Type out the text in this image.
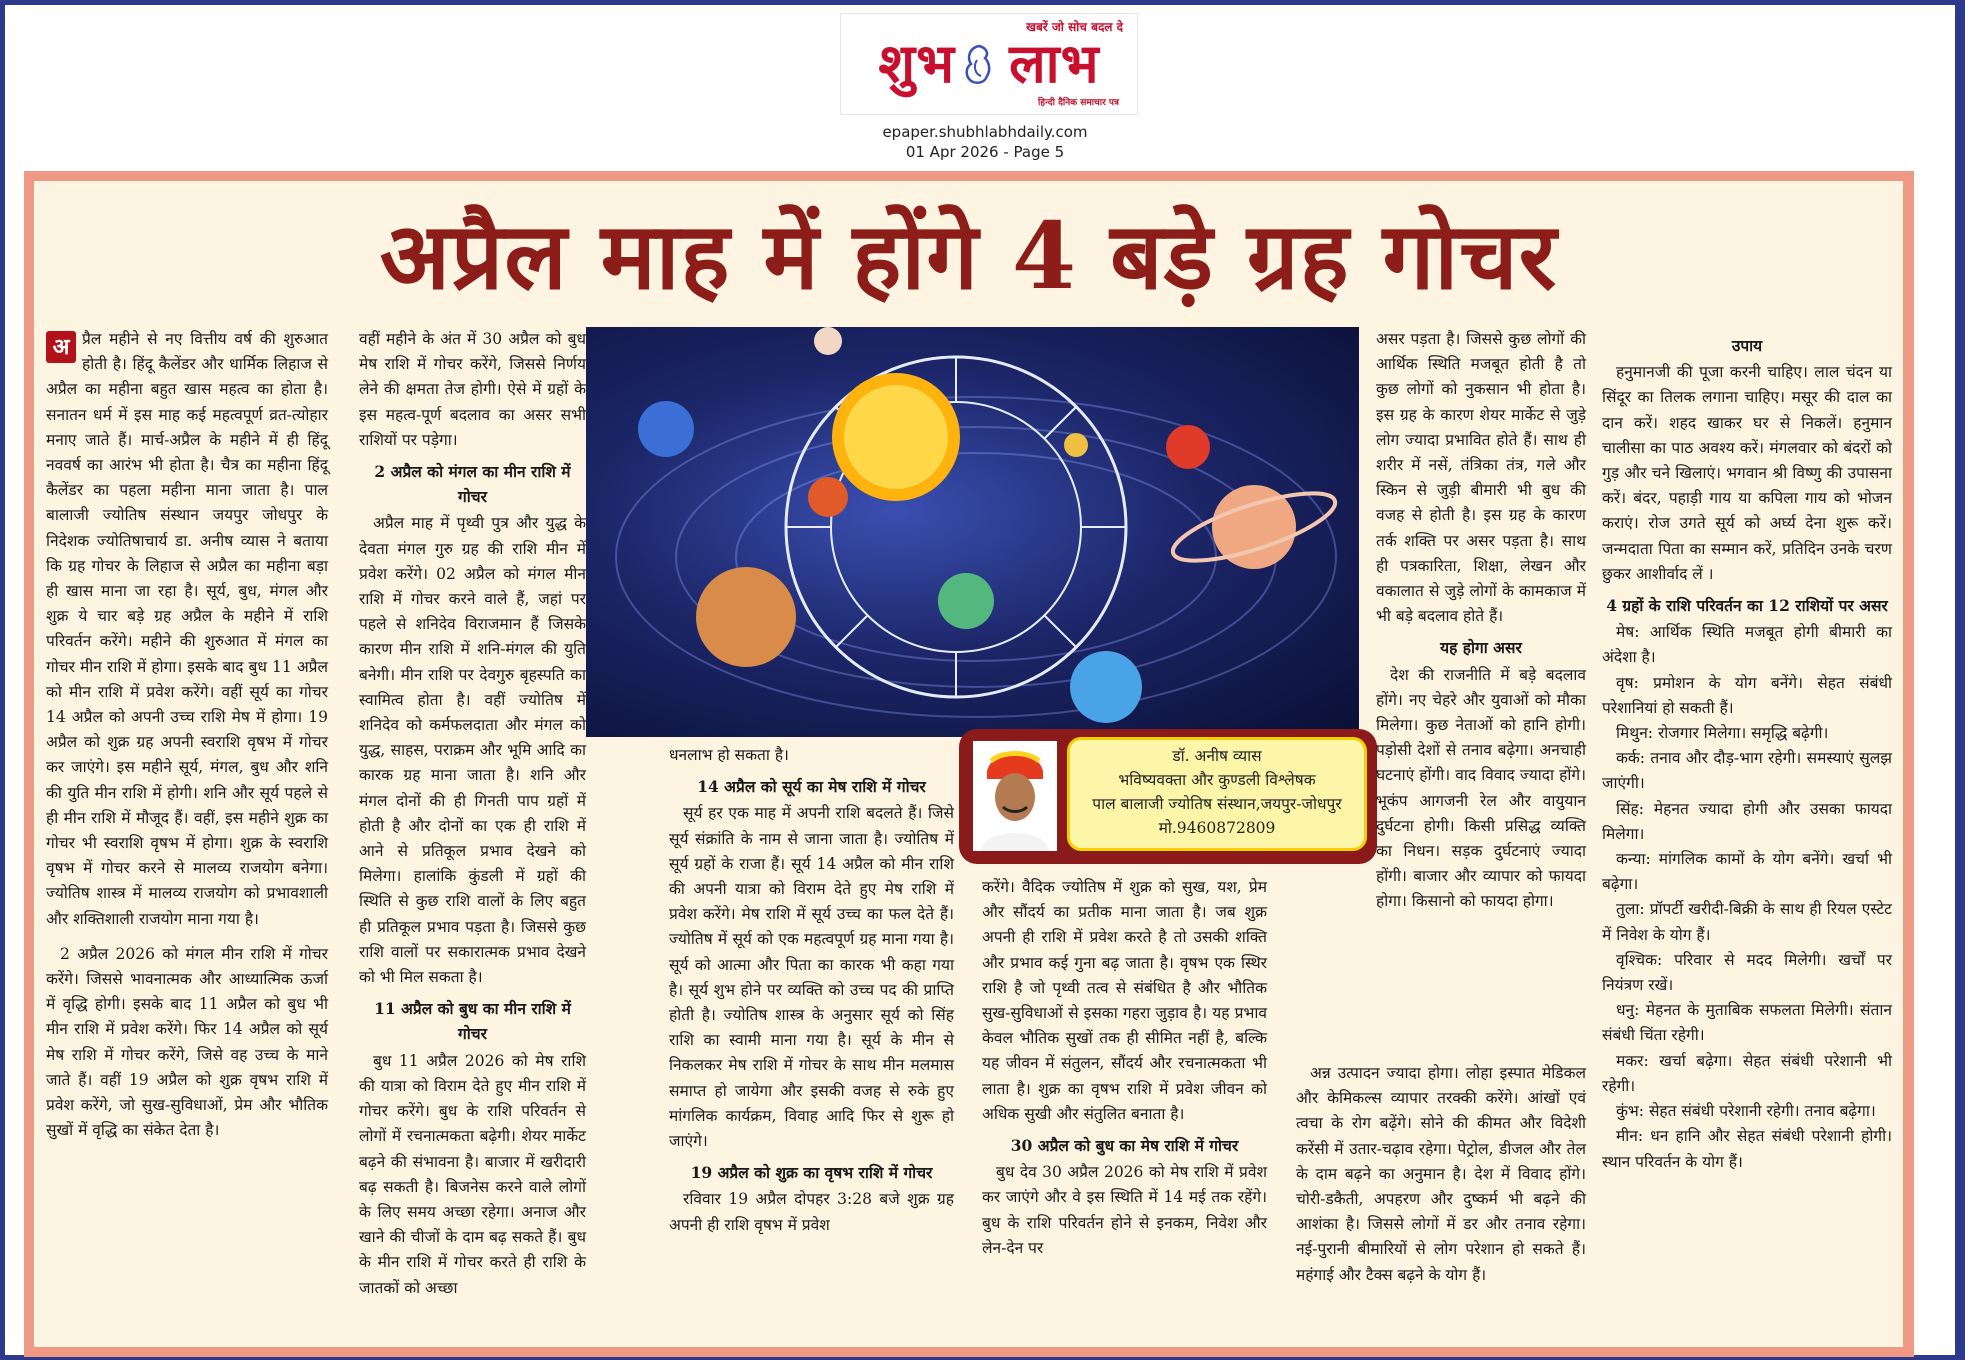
खबरें जो सोच बदल दे
शुभ लाभ
हिन्दी दैनिक समाचार पत्र
epaper.shubhlabhdaily.com
01 Apr 2026 - Page 5
अप्रैल माह में होंगे 4 बड़े ग्रह गोचर
अ प्रैल महीने से नए वित्तीय वर्ष की शुरुआत होती है। हिंदू कैलेंडर और धार्मिक लिहाज से अप्रैल का महीना बहुत खास महत्व का होता है। सनातन धर्म में इस माह कई महत्वपूर्ण व्रत-त्योहार मनाए जाते हैं। मार्च-अप्रैल के महीने में ही हिंदू नववर्ष का आरंभ भी होता है। चैत्र का महीना हिंदू कैलेंडर का पहला महीना माना जाता है। पाल बालाजी ज्योतिष संस्थान जयपुर जोधपुर के निदेशक ज्योतिषाचार्य डा. अनीष व्यास ने बताया कि ग्रह गोचर के लिहाज से अप्रैल का महीना बड़ा ही खास माना जा रहा है। सूर्य, बुध, मंगल और शुक्र ये चार बड़े ग्रह अप्रैल के महीने में राशि परिवर्तन करेंगे। महीने की शुरुआत में मंगल का गोचर मीन राशि में होगा। इसके बाद बुध 11 अप्रैल को मीन राशि में प्रवेश करेंगे। वहीं सूर्य का गोचर 14 अप्रैल को अपनी उच्च राशि मेष में होगा। 19 अप्रैल को शुक्र ग्रह अपनी स्वराशि वृषभ में गोचर कर जाएंगे। इस महीने सूर्य, मंगल, बुध और शनि की युति मीन राशि में होगी। शनि और सूर्य पहले से ही मीन राशि में मौजूद हैं। वहीं, इस महीने शुक्र का गोचर भी स्वराशि वृषभ में होगा। शुक्र के स्वराशि वृषभ में गोचर करने से मालव्य राजयोग बनेगा। ज्योतिष शास्त्र में मालव्य राजयोग को प्रभावशाली और शक्तिशाली राजयोग माना गया है।

2 अप्रैल 2026 को मंगल मीन राशि में गोचर करेंगे। जिससे भावनात्मक और आध्यात्मिक ऊर्जा में वृद्धि होगी। इसके बाद 11 अप्रैल को बुध भी मीन राशि में प्रवेश करेंगे। फिर 14 अप्रैल को सूर्य मेष राशि में गोचर करेंगे, जिसे वह उच्च के माने जाते हैं। वहीं 19 अप्रैल को शुक्र वृषभ राशि में प्रवेश करेंगे, जो सुख-सुविधाओं, प्रेम और भौतिक सुखों में वृद्धि का संकेत देता है।

वहीं महीने के अंत में 30 अप्रैल को बुध मेष राशि में गोचर करेंगे, जिससे निर्णय लेने की क्षमता तेज होगी। ऐसे में ग्रहों के इस महत्व-पूर्ण बदलाव का असर सभी राशियों पर पड़ेगा।

2 अप्रैल को मंगल का मीन राशि में गोचर

अप्रैल माह में पृथ्वी पुत्र और युद्ध के देवता मंगल गुरु ग्रह की राशि मीन में प्रवेश करेंगे। 02 अप्रैल को मंगल मीन राशि में गोचर करने वाले हैं, जहां पर पहले से शनिदेव विराजमान हैं जिसके कारण मीन राशि में शनि-मंगल की युति बनेगी। मीन राशि पर देवगुरु बृहस्पति का स्वामित्व होता है। वहीं ज्योतिष में शनिदेव को कर्मफलदाता और मंगल को युद्ध, साहस, पराक्रम और भूमि आदि का कारक ग्रह माना जाता है। शनि और मंगल दोनों की ही गिनती पाप ग्रहों में होती है और दोनों का एक ही राशि में आने से प्रतिकूल प्रभाव देखने को मिलेगा। हालांकि कुंडली में ग्रहों की स्थिति से कुछ राशि वालों के लिए बहुत ही प्रतिकूल प्रभाव पड़ता है। जिससे कुछ राशि वालों पर सकारात्मक प्रभाव देखने को भी मिल सकता है।

11 अप्रैल को बुध का मीन राशि में गोचर

बुध 11 अप्रैल 2026 को मेष राशि की यात्रा को विराम देते हुए मीन राशि में गोचर करेंगे। बुध के राशि परिवर्तन से लोगों में रचनात्मकता बढ़ेगी। शेयर मार्केट बढ़ने की संभावना है। बाजार में खरीदारी बढ़ सकती है। बिजनेस करने वाले लोगों के लिए समय अच्छा रहेगा। अनाज और खाने की चीजों के दाम बढ़ सकते हैं। बुध के मीन राशि में गोचर करते ही राशि के जातकों को अच्छा

धनलाभ हो सकता है।

14 अप्रैल को सूर्य का मेष राशि में गोचर

सूर्य हर एक माह में अपनी राशि बदलते हैं। जिसे सूर्य संक्रांति के नाम से जाना जाता है। ज्योतिष में सूर्य ग्रहों के राजा हैं। सूर्य 14 अप्रैल को मीन राशि की अपनी यात्रा को विराम देते हुए मेष राशि में प्रवेश करेंगे। मेष राशि में सूर्य उच्च का फल देते हैं। ज्योतिष में सूर्य को एक महत्वपूर्ण ग्रह माना गया है। सूर्य को आत्मा और पिता का कारक भी कहा गया है। सूर्य शुभ होने पर व्यक्ति को उच्च पद की प्राप्ति होती है। ज्योतिष शास्त्र के अनुसार सूर्य को सिंह राशि का स्वामी माना गया है। सूर्य के मीन से निकलकर मेष राशि में गोचर के साथ मीन मलमास समाप्त हो जायेगा और इसकी वजह से रुके हुए मांगलिक कार्यक्रम, विवाह आदि फिर से शुरू हो जाएंगे।

19 अप्रैल को शुक्र का वृषभ राशि में गोचर

रविवार 19 अप्रैल दोपहर 3:28 बजे शुक्र ग्रह अपनी ही राशि वृषभ में प्रवेश

डॉ. अनीष व्यास
भविष्यवक्ता और कुण्डली विश्लेषक
पाल बालाजी ज्योतिष संस्थान,जयपुर-जोधपुर
मो.9460872809

करेंगे। वैदिक ज्योतिष में शुक्र को सुख, यश, प्रेम और सौंदर्य का प्रतीक माना जाता है। जब शुक्र अपनी ही राशि में प्रवेश करते है तो उसकी शक्ति और प्रभाव कई गुना बढ़ जाता है। वृषभ एक स्थिर राशि है जो पृथ्वी तत्व से संबंधित है और भौतिक सुख-सुविधाओं से इसका गहरा जुड़ाव है। यह प्रभाव केवल भौतिक सुखों तक ही सीमित नहीं है, बल्कि यह जीवन में संतुलन, सौंदर्य और रचनात्मकता भी लाता है। शुक्र का वृषभ राशि में प्रवेश जीवन को अधिक सुखी और संतुलित बनाता है।

30 अप्रैल को बुध का मेष राशि में गोचर

बुध देव 30 अप्रैल 2026 को मेष राशि में प्रवेश कर जाएंगे और वे इस स्थिति में 14 मई तक रहेंगे। बुध के राशि परिवर्तन होने से इनकम, निवेश और लेन-देन पर

असर पड़ता है। जिससे कुछ लोगों की आर्थिक स्थिति मजबूत होती है तो कुछ लोगों को नुकसान भी होता है। इस ग्रह के कारण शेयर मार्केट से जुड़े लोग ज्यादा प्रभावित होते हैं। साथ ही शरीर में नसें, तंत्रिका तंत्र, गले और स्किन से जुड़ी बीमारी भी बुध की वजह से होती है। इस ग्रह के कारण तर्क शक्ति पर असर पड़ता है। साथ ही पत्रकारिता, शिक्षा, लेखन और वकालात से जुड़े लोगों के कामकाज में भी बड़े बदलाव होते हैं।

यह होगा असर

देश की राजनीति में बड़े बदलाव होंगे। नए चेहरे और युवाओं को मौका मिलेगा। कुछ नेताओं को हानि होगी। पड़ोसी देशों से तनाव बढ़ेगा। अनचाही घटनाएं होंगी। वाद विवाद ज्यादा होंगे। भूकंप आगजनी रेल और वायुयान दुर्घटना होगी। किसी प्रसिद्ध व्यक्ति का निधन। सड़क दुर्घटनाएं ज्यादा होंगी। बाजार और व्यापार को फायदा होगा। किसानो को फायदा होगा।

अन्न उत्पादन ज्यादा होगा। लोहा इस्पात मेडिकल और केमिकल्स व्यापार तरक्की करेंगे। आंखों एवं त्वचा के रोग बढ़ेंगे। सोने की कीमत और विदेशी करेंसी में उतार-चढ़ाव रहेगा। पेट्रोल, डीजल और तेल के दाम बढ़ने का अनुमान है। देश में विवाद होंगे। चोरी-डकैती, अपहरण और दुष्कर्म भी बढ़ने की आशंका है। जिससे लोगों में डर और तनाव रहेगा। नई-पुरानी बीमारियों से लोग परेशान हो सकते हैं। महंगाई और टैक्स बढ़ने के योग हैं।

उपाय

हनुमानजी की पूजा करनी चाहिए। लाल चंदन या सिंदूर का तिलक लगाना चाहिए। मसूर की दाल का दान करें। शहद खाकर घर से निकलें। हनुमान चालीसा का पाठ अवश्य करें। मंगलवार को बंदरों को गुड़ और चने खिलाएं। भगवान श्री विष्णु की उपासना करें। बंदर, पहाड़ी गाय या कपिला गाय को भोजन कराएं। रोज उगते सूर्य को अर्घ्य देना शुरू करें। जन्मदाता पिता का सम्मान करें, प्रतिदिन उनके चरण छुकर आशीर्वाद लें ।

4 ग्रहों के राशि परिवर्तन का 12 राशियों पर असर

मेष: आर्थिक स्थिति मजबूत होगी बीमारी का अंदेशा है।

वृष: प्रमोशन के योग बनेंगे। सेहत संबंधी परेशानियां हो सकती हैं।

मिथुन: रोजगार मिलेगा। समृद्धि बढ़ेगी।

कर्क: तनाव और दौड़-भाग रहेगी। समस्याएं सुलझ जाएंगी।

सिंह: मेहनत ज्यादा होगी और उसका फायदा मिलेगा।

कन्या: मांगलिक कामों के योग बनेंगे। खर्चा भी बढ़ेगा।

तुला: प्रॉपर्टी खरीदी-बिक्री के साथ ही रियल एस्टेट में निवेश के योग हैं।

वृश्चिक: परिवार से मदद मिलेगी। खर्चों पर नियंत्रण रखें।

धनु: मेहनत के मुताबिक सफलता मिलेगी। संतान संबंधी चिंता रहेगी।

मकर: खर्चा बढ़ेगा। सेहत संबंधी परेशानी भी रहेगी।

कुंभ: सेहत संबंधी परेशानी रहेगी। तनाव बढ़ेगा।

मीन: धन हानि और सेहत संबंधी परेशानी होगी। स्थान परिवर्तन के योग हैं।
